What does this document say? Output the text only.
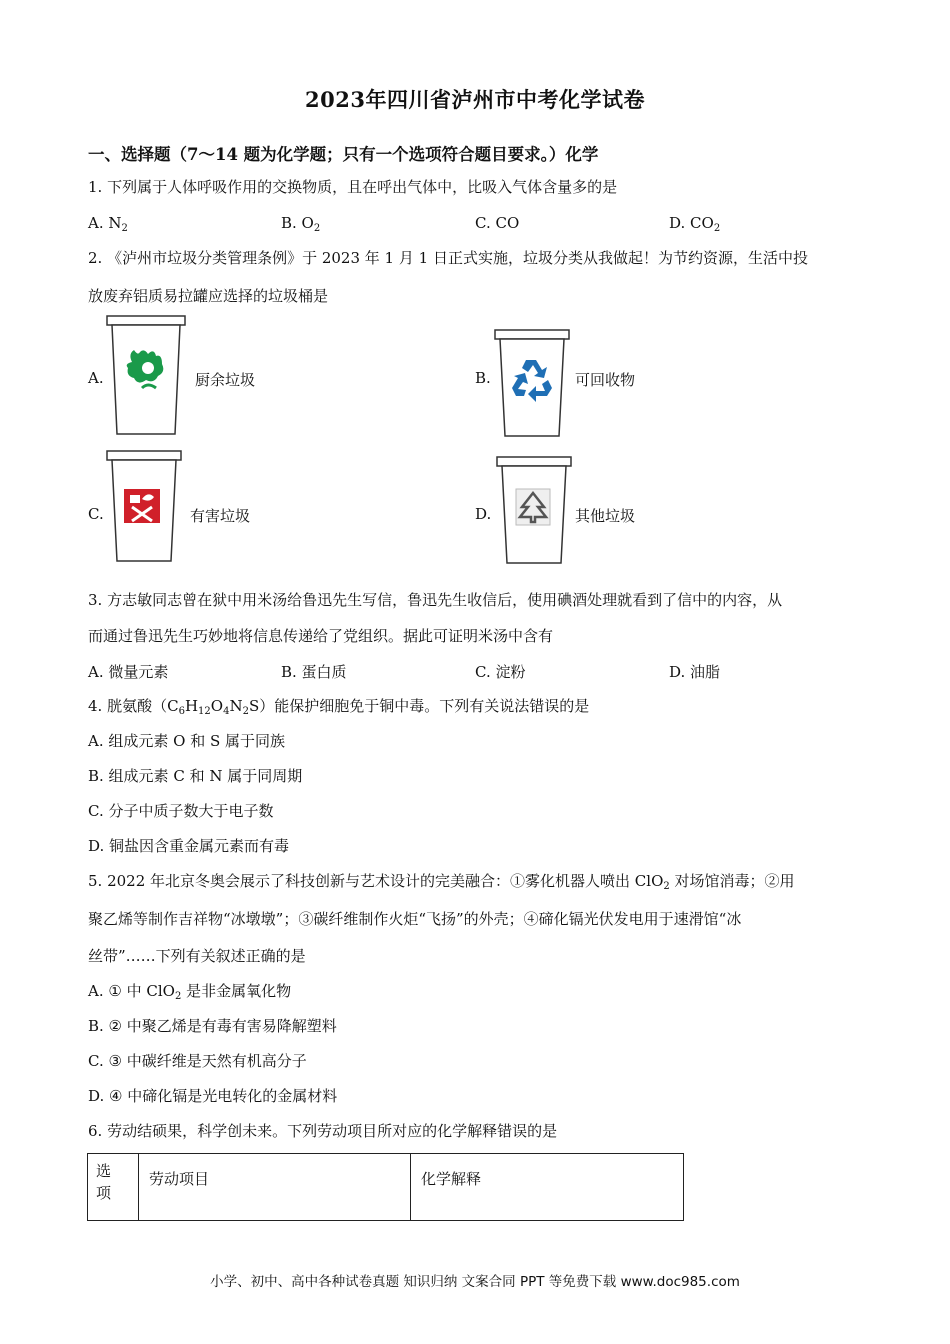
2023年四川省泸州市中考化学试卷
一、选择题（7～14 题为化学题；只有一个选项符合题目要求。）化学
1. 下列属于人体呼吸作用的交换物质，且在呼出气体中，比吸入气体含量多的是
A. $N_2$	B. $O_2$	C. CO	D. $CO_2$
2. 《泸州市垃圾分类管理条例》于 2023 年 1 月 1 日正式实施，垃圾分类从我做起！为节约资源，生活中投
放废弃铝质易拉罐应选择的垃圾桶是
A.	厨余垃圾	B.	可回收物
C.	有害垃圾	D.	其他垃圾
3. 方志敏同志曾在狱中用米汤给鲁迅先生写信，鲁迅先生收信后，使用碘酒处理就看到了信中的内容，从
而通过鲁迅先生巧妙地将信息传递给了党组织。据此可证明米汤中含有
A. 微量元素	B. 蛋白质	C. 淀粉	D. 油脂
4. 胱氨酸$(C_6H_{12}O_4N_2S)$能保护细胞免于铜中毒。下列有关说法错误的是
A. 组成元素 O 和 S 属于同族
B. 组成元素 C 和 N 属于同周期
C. 分子中质子数大于电子数
D. 铜盐因含重金属元素而有毒
5. 2022 年北京冬奥会展示了科技创新与艺术设计的完美融合：①雾化机器人喷出 ClO$_2$ 对场馆消毒；②用
聚乙烯等制作吉祥物“冰墩墩”；③碳纤维制作火炬“飞扬”的外壳；④碲化镉光伏发电用于速滑馆“冰
丝带”……下列有关叙述正确的是
A. ① 中 ClO$_2$ 是非金属氧化物
B. ② 中聚乙烯是有毒有害易降解塑料
C. ③ 中碳纤维是天然有机高分子
D. ④ 中碲化镉是光电转化的金属材料
6. 劳动结硕果，科学创未来。下列劳动项目所对应的化学解释错误的是
选
项
	劳动项目	化学解释
小学、初中、高中各种试卷真题 知识归纳 文案合同 PPT 等免费下载 www.doc985.com
